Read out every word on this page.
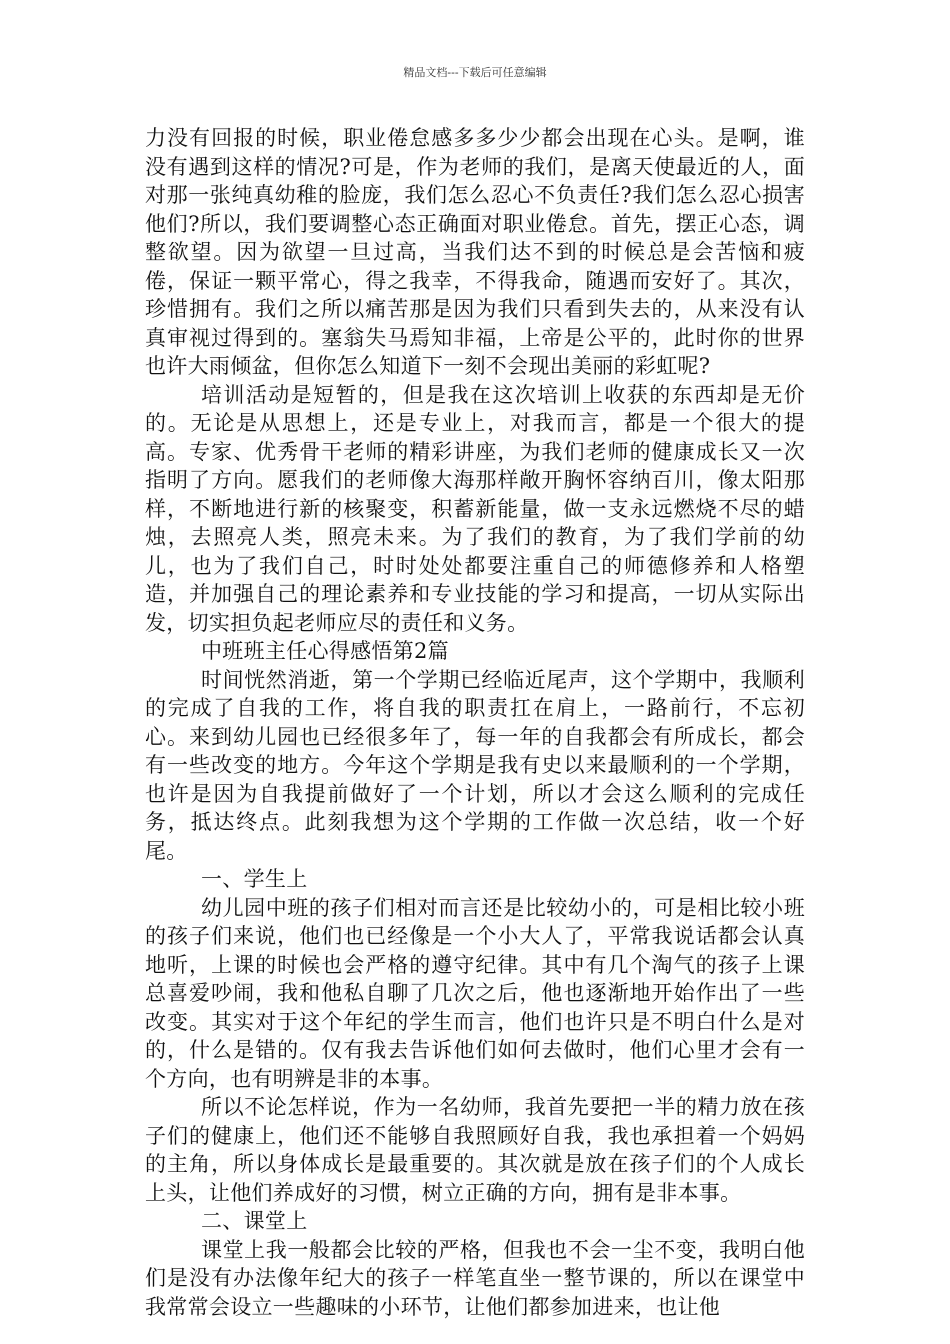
精品文档---下载后可任意编辑

力没有回报的时候，职业倦怠感多多少少都会出现在心头。是啊，谁没有遇到这样的情况?可是，作为老师的我们，是离天使最近的人，面对那一张纯真幼稚的脸庞，我们怎么忍心不负责任?我们怎么忍心损害他们?所以，我们要调整心态正确面对职业倦怠。首先，摆正心态，调整欲望。因为欲望一旦过高，当我们达不到的时候总是会苦恼和疲倦，保证一颗平常心，得之我幸，不得我命，随遇而安好了。其次，珍惜拥有。我们之所以痛苦那是因为我们只看到失去的，从来没有认真审视过得到的。塞翁失马焉知非福，上帝是公平的，此时你的世界也许大雨倾盆，但你怎么知道下一刻不会现出美丽的彩虹呢?

培训活动是短暂的，但是我在这次培训上收获的东西却是无价的。无论是从思想上，还是专业上，对我而言，都是一个很大的提高。专家、优秀骨干老师的精彩讲座，为我们老师的健康成长又一次指明了方向。愿我们的老师像大海那样敞开胸怀容纳百川，像太阳那样，不断地进行新的核聚变，积蓄新能量，做一支永远燃烧不尽的蜡烛，去照亮人类，照亮未来。为了我们的教育，为了我们学前的幼儿，也为了我们自己，时时处处都要注重自己的师德修养和人格塑造，并加强自己的理论素养和专业技能的学习和提高，一切从实际出发，切实担负起老师应尽的责任和义务。

中班班主任心得感悟第2篇

时间恍然消逝，第一个学期已经临近尾声，这个学期中，我顺利的完成了自我的工作，将自我的职责扛在肩上，一路前行，不忘初心。来到幼儿园也已经很多年了，每一年的自我都会有所成长，都会有一些改变的地方。今年这个学期是我有史以来最顺利的一个学期，也许是因为自我提前做好了一个计划，所以才会这么顺利的完成任务，抵达终点。此刻我想为这个学期的工作做一次总结，收一个好尾。

一、学生上

幼儿园中班的孩子们相对而言还是比较幼小的，可是相比较小班的孩子们来说，他们也已经像是一个小大人了，平常我说话都会认真地听，上课的时候也会严格的遵守纪律。其中有几个淘气的孩子上课总喜爱吵闹，我和他私自聊了几次之后，他也逐渐地开始作出了一些改变。其实对于这个年纪的学生而言，他们也许只是不明白什么是对的，什么是错的。仅有我去告诉他们如何去做时，他们心里才会有一个方向，也有明辨是非的本事。

所以不论怎样说，作为一名幼师，我首先要把一半的精力放在孩子们的健康上，他们还不能够自我照顾好自我，我也承担着一个妈妈的主角，所以身体成长是最重要的。其次就是放在孩子们的个人成长上头，让他们养成好的习惯，树立正确的方向，拥有是非本事。

二、课堂上

课堂上我一般都会比较的严格，但我也不会一尘不变，我明白他们是没有办法像年纪大的孩子一样笔直坐一整节课的，所以在课堂中我常常会设立一些趣味的小环节，让他们都参加进来，也让他
